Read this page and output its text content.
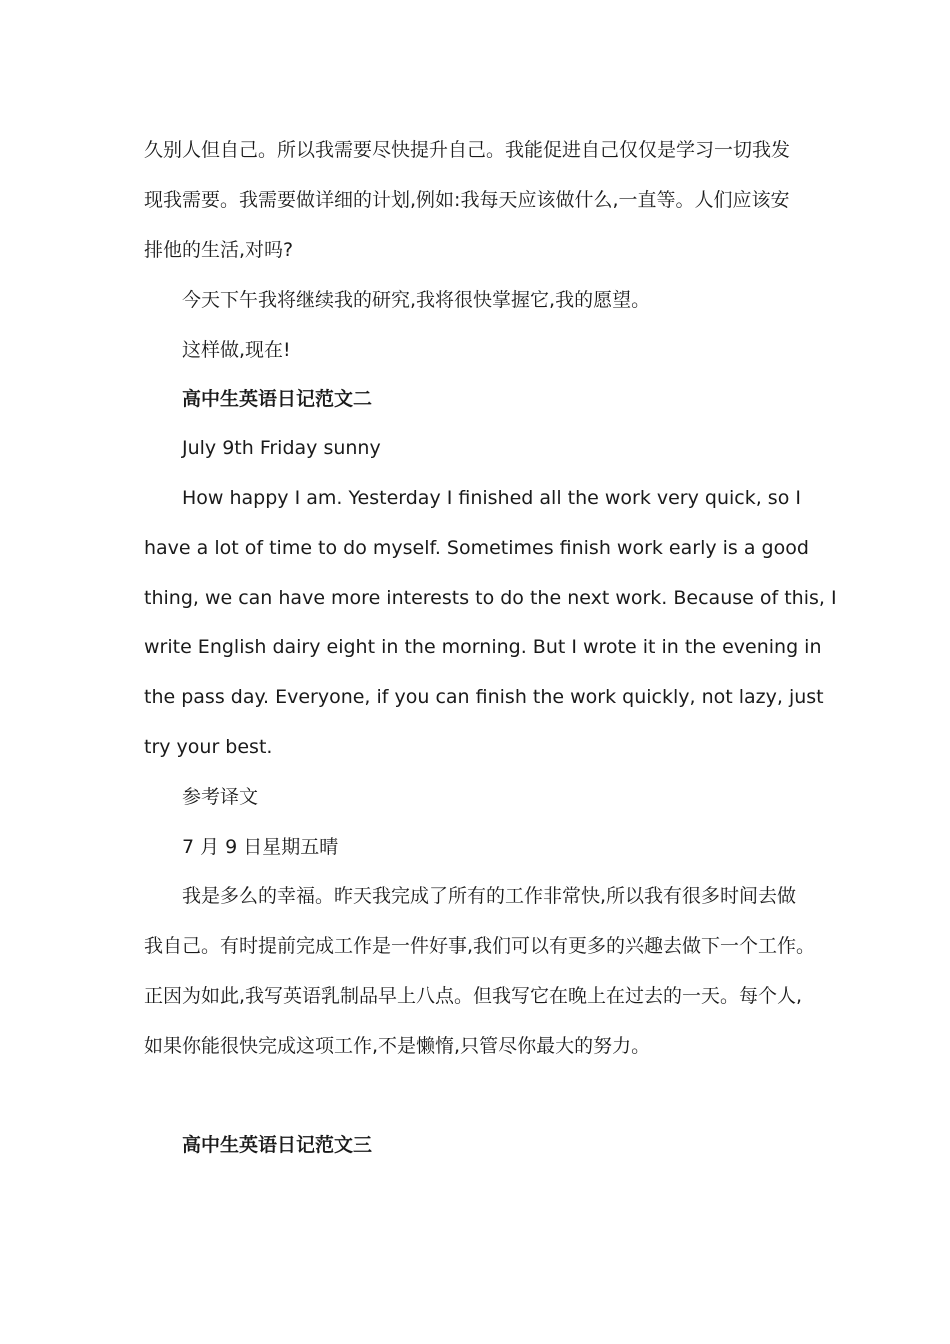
久别人但自己。所以我需要尽快提升自己。我能促进自己仅仅是学习一切我发
现我需要。我需要做详细的计划,例如:我每天应该做什么,一直等。人们应该安
排他的生活,对吗?
今天下午我将继续我的研究,我将很快掌握它,我的愿望。
这样做,现在!
高中生英语日记范文二
July 9th Friday sunny
How happy I am. Yesterday I finished all the work very quick, so I
have a lot of time to do myself. Sometimes finish work early is a good
thing, we can have more interests to do the next work. Because of this, I
write English dairy eight in the morning. But I wrote it in the evening in
the pass day. Everyone, if you can finish the work quickly, not lazy, just
try your best.
参考译文
7 月 9 日星期五晴
我是多么的幸福。昨天我完成了所有的工作非常快,所以我有很多时间去做
我自己。有时提前完成工作是一件好事,我们可以有更多的兴趣去做下一个工作。
正因为如此,我写英语乳制品早上八点。但我写它在晚上在过去的一天。每个人,
如果你能很快完成这项工作,不是懒惰,只管尽你最大的努力。
高中生英语日记范文三
